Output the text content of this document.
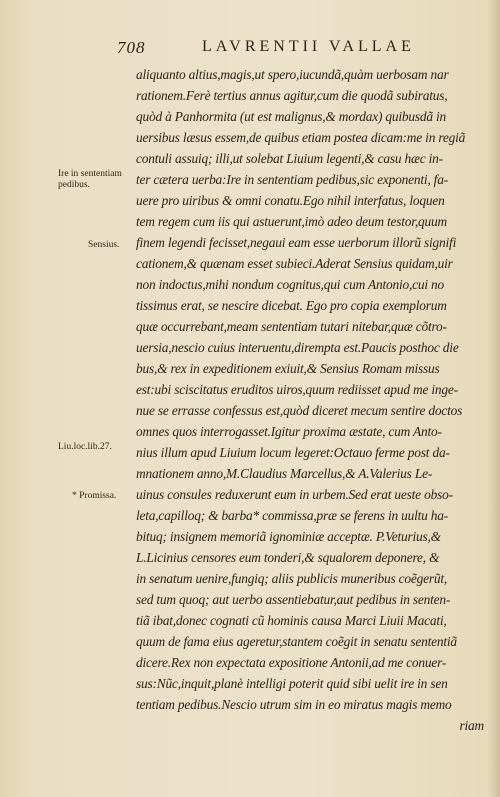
708	LAVRENTII VALLAE
aliquanto altius,magis,ut spero,iucundã,quàm uerbosam nar
rationem.Ferè tertius annus agitur,cum die quodã subiratus,
quòd à Panhormita (ut est malignus,& mordax) quibusdã in
uersibus læsus essem,de quibus etiam postea dicam:me in regiã
contuli assuiq; illi,ut solebat Liuium legenti,& casu hæc in-
ter cætera uerba:Ire in sententiam pedibus,sic exponenti, fa-
uere pro uiribus & omni conatu.Ego nihil interfatus, loquen
tem regem cum iis qui astuerunt,imò adeo deum testor,quum
finem legendi fecisset,negaui eam esse uerborum illorũ signifi
cationem,& quænam esset subieci.Aderat Sensius quidam,uir
non indoctus,mihi nondum cognitus,qui cum Antonio,cui no
tissimus erat, se nescire dicebat. Ego pro copia exemplorum
quæ occurrebant,meam sententiam tutari nitebar,quæ cõtro-
uersia,nescio cuius interuentu,dirempta est.Paucis posthoc die
bus,& rex in expeditionem exiuit,& Sensius Romam missus
est:ubi sciscitatus eruditos uiros,quum rediisset apud me inge-
nue se errasse confessus est,quòd diceret mecum sentire doctos
omnes quos interrogasset.Igitur proxima æstate, cum Anto-
nius illum apud Liuium locum legeret:Octauo ferme post da-
mnationem anno,M.Claudius Marcellus,& A.Valerius Le-
uinus consules reduxerunt eum in urbem.Sed erat ueste obso-
leta,capilloq; & barba* commissa,præ se ferens in uultu ha-
bituq; insignem memoriã ignominiæ acceptæ. P.Veturius,&
L.Licinius censores eum tonderi,& squalorem deponere, &
in senatum uenire,fungiq; aliis publicis muneribus coẽgerũt,
sed tum quoq; aut uerbo assentiebatur,aut pedibus in senten-
tiã ibat,donec cognati cũ hominis causa Marci Liuii Macati,
quum de fama eius ageretur,stantem coẽgit in senatu sententiã
dicere.Rex non expectata expositione Antonii,ad me conuer-
sus:Nũc,inquit,planè intelligi poterit quid sibi uelit ire in sen
tentiam pedibus.Nescio utrum sim in eo miratus magis memo
riam
Ire in sententiam
pedibus.
Sensius.
Liu.loc.lib.27.
* Promissa.
